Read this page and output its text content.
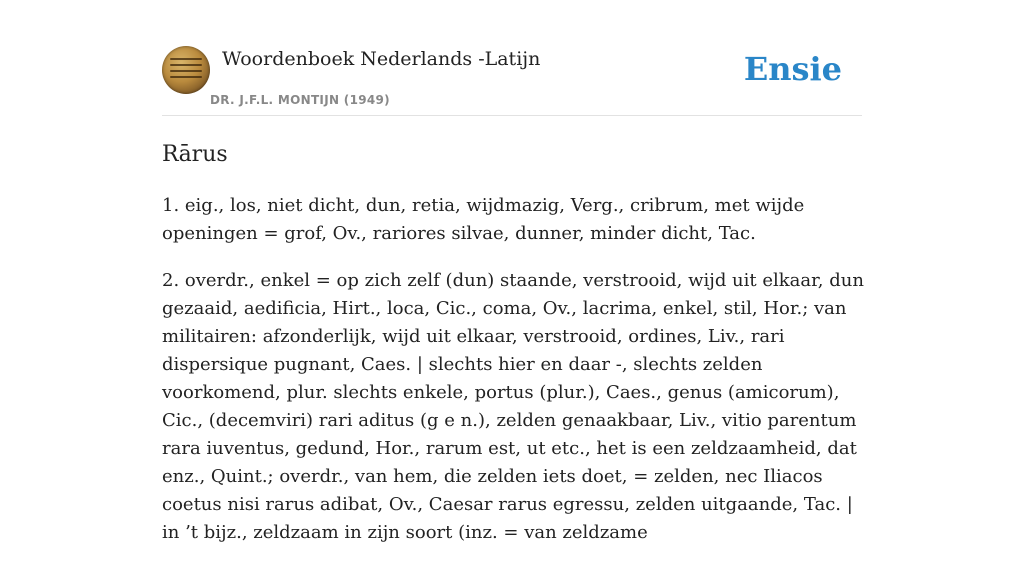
Woordenboek Nederlands -Latijn
DR. J.F.L. MONTIJN (1949)
Ensie
Rārus

1. eig., los, niet dicht, dun, retia, wijdmazig, Verg., cribrum, met wijde openingen = grof, Ov., rariores silvae, dunner, minder dicht, Tac.

2. overdr., enkel = op zich zelf (dun) staande, verstrooid, wijd uit elkaar, dun gezaaid, aedificia, Hirt., loca, Cic., coma, Ov., lacrima, enkel, stil, Hor.; van militairen: afzonderlijk, wijd uit elkaar, verstrooid, ordines, Liv., rari dispersique pugnant, Caes. | slechts hier en daar -, slechts zelden voorkomend, plur. slechts enkele, portus (plur.), Caes., genus (amicorum), Cic., (decemviri) rari aditus (g e n.), zelden genaakbaar, Liv., vitio parentum rara iuventus, gedund, Hor., rarum est, ut etc., het is een zeldzaamheid, dat enz., Quint.; overdr., van hem, die zelden iets doet, = zelden, nec Iliacos coetus nisi rarus adibat, Ov., Caesar rarus egressu, zelden uitgaande, Tac. | in ’t bijz., zeldzaam in zijn soort (inz. = van zeldzame
